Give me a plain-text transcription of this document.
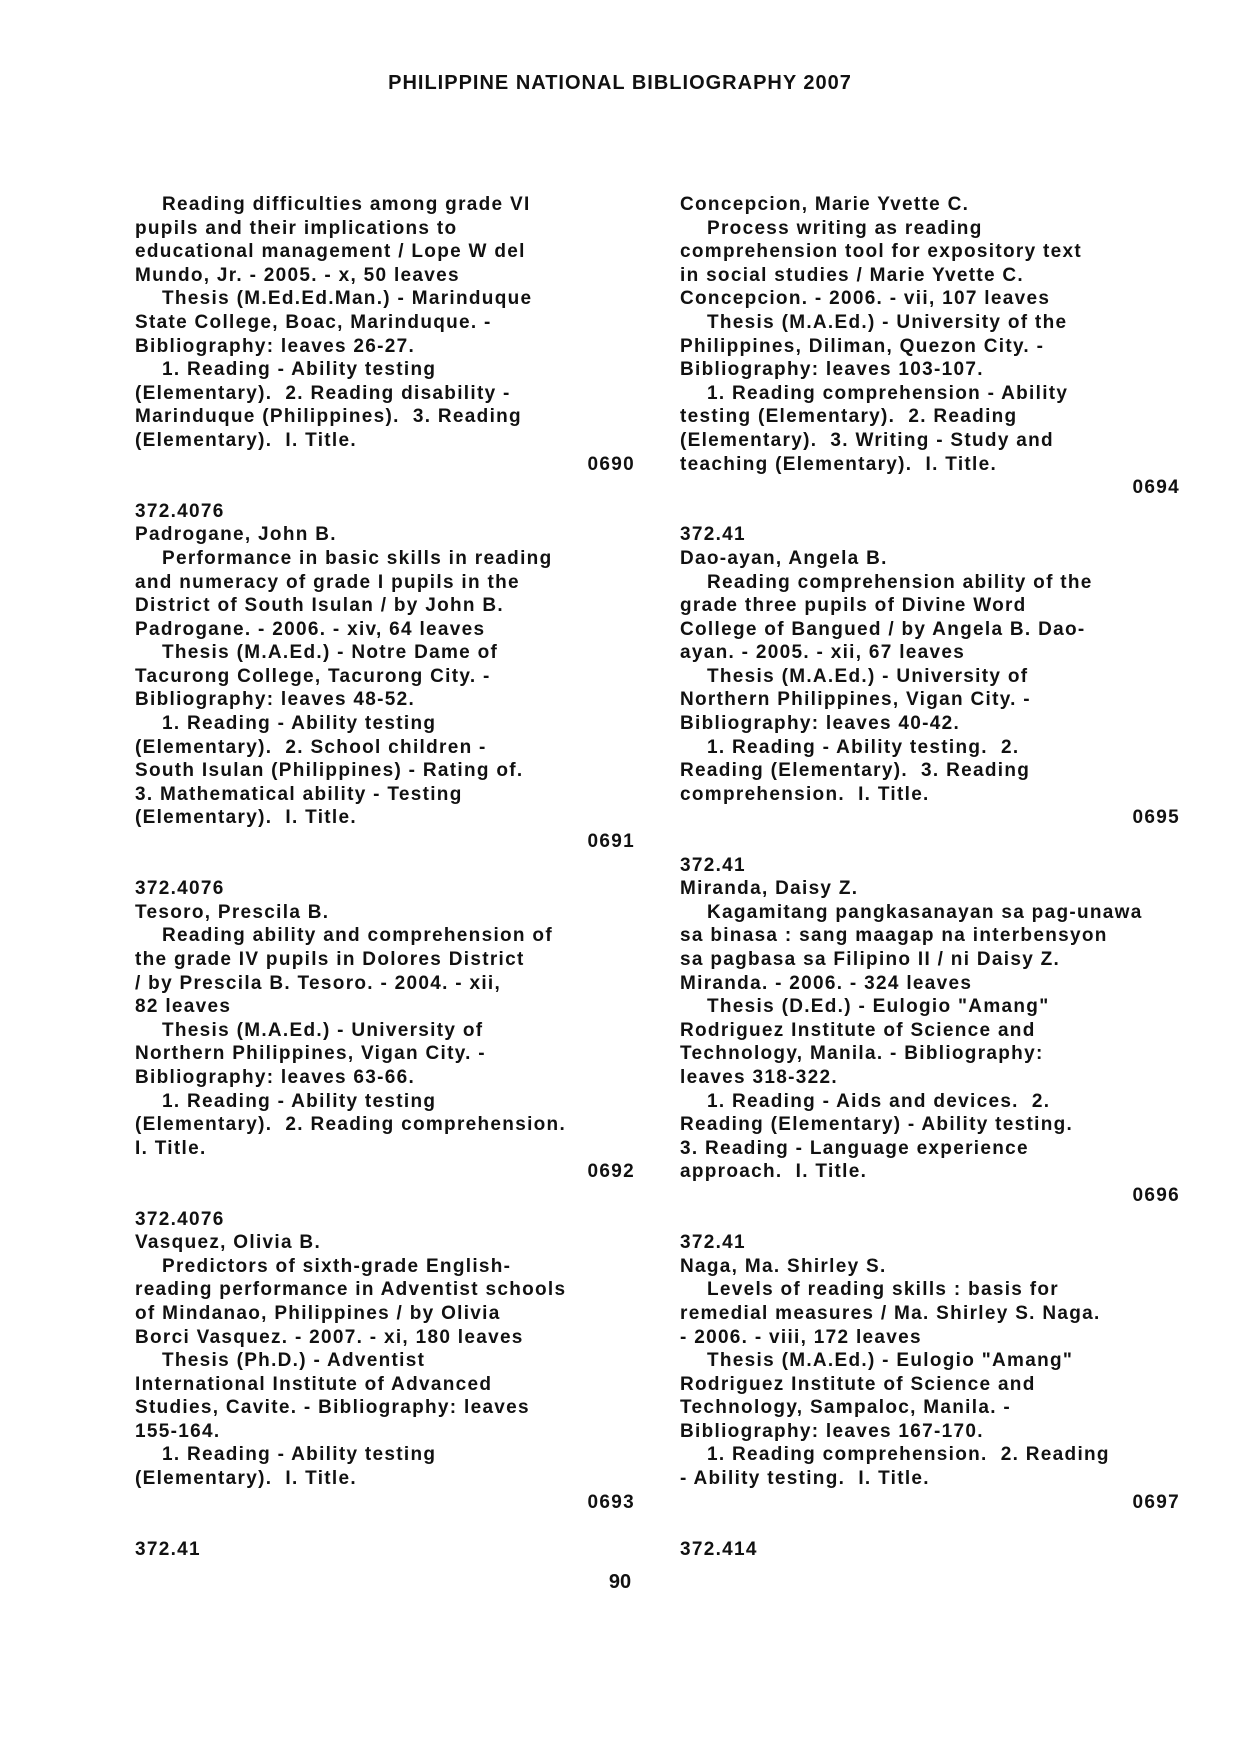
PHILIPPINE NATIONAL BIBLIOGRAPHY 2007
Reading difficulties among grade VI
pupils and their implications to
educational management / Lope W del
Mundo, Jr. - 2005. - x, 50 leaves
Thesis (M.Ed.Ed.Man.) - Marinduque
State College, Boac, Marinduque. -
Bibliography: leaves 26-27.
1. Reading - Ability testing
(Elementary).  2. Reading disability -
Marinduque (Philippines).  3. Reading
(Elementary).  I. Title.
0690
372.4076
Padrogane, John B.
Performance in basic skills in reading
and numeracy of grade I pupils in the
District of South Isulan / by John B.
Padrogane. - 2006. - xiv, 64 leaves
Thesis (M.A.Ed.) - Notre Dame of
Tacurong College, Tacurong City. -
Bibliography: leaves 48-52.
1. Reading - Ability testing
(Elementary).  2. School children -
South Isulan (Philippines) - Rating of.
3. Mathematical ability - Testing
(Elementary).  I. Title.
0691
372.4076
Tesoro, Prescila B.
Reading ability and comprehension of
the grade IV pupils in Dolores District
/ by Prescila B. Tesoro. - 2004. - xii,
82 leaves
Thesis (M.A.Ed.) - University of
Northern Philippines, Vigan City. -
Bibliography: leaves 63-66.
1. Reading - Ability testing
(Elementary).  2. Reading comprehension.
I. Title.
0692
372.4076
Vasquez, Olivia B.
Predictors of sixth-grade English-
reading performance in Adventist schools
of Mindanao, Philippines / by Olivia
Borci Vasquez. - 2007. - xi, 180 leaves
Thesis (Ph.D.) - Adventist
International Institute of Advanced
Studies, Cavite. - Bibliography: leaves
155-164.
1. Reading - Ability testing
(Elementary).  I. Title.
0693
372.41
Concepcion, Marie Yvette C.
Process writing as reading
comprehension tool for expository text
in social studies / Marie Yvette C.
Concepcion. - 2006. - vii, 107 leaves
Thesis (M.A.Ed.) - University of the
Philippines, Diliman, Quezon City. -
Bibliography: leaves 103-107.
1. Reading comprehension - Ability
testing (Elementary).  2. Reading
(Elementary).  3. Writing - Study and
teaching (Elementary).  I. Title.
0694
372.41
Dao-ayan, Angela B.
Reading comprehension ability of the
grade three pupils of Divine Word
College of Bangued / by Angela B. Dao-
ayan. - 2005. - xii, 67 leaves
Thesis (M.A.Ed.) - University of
Northern Philippines, Vigan City. -
Bibliography: leaves 40-42.
1. Reading - Ability testing.  2.
Reading (Elementary).  3. Reading
comprehension.  I. Title.
0695
372.41
Miranda, Daisy Z.
Kagamitang pangkasanayan sa pag-unawa
sa binasa : sang maagap na interbensyon
sa pagbasa sa Filipino II / ni Daisy Z.
Miranda. - 2006. - 324 leaves
Thesis (D.Ed.) - Eulogio "Amang"
Rodriguez Institute of Science and
Technology, Manila. - Bibliography:
leaves 318-322.
1. Reading - Aids and devices.  2.
Reading (Elementary) - Ability testing.
3. Reading - Language experience
approach.  I. Title.
0696
372.41
Naga, Ma. Shirley S.
Levels of reading skills : basis for
remedial measures / Ma. Shirley S. Naga.
- 2006. - viii, 172 leaves
Thesis (M.A.Ed.) - Eulogio "Amang"
Rodriguez Institute of Science and
Technology, Sampaloc, Manila. -
Bibliography: leaves 167-170.
1. Reading comprehension.  2. Reading
- Ability testing.  I. Title.
0697
372.414
90
